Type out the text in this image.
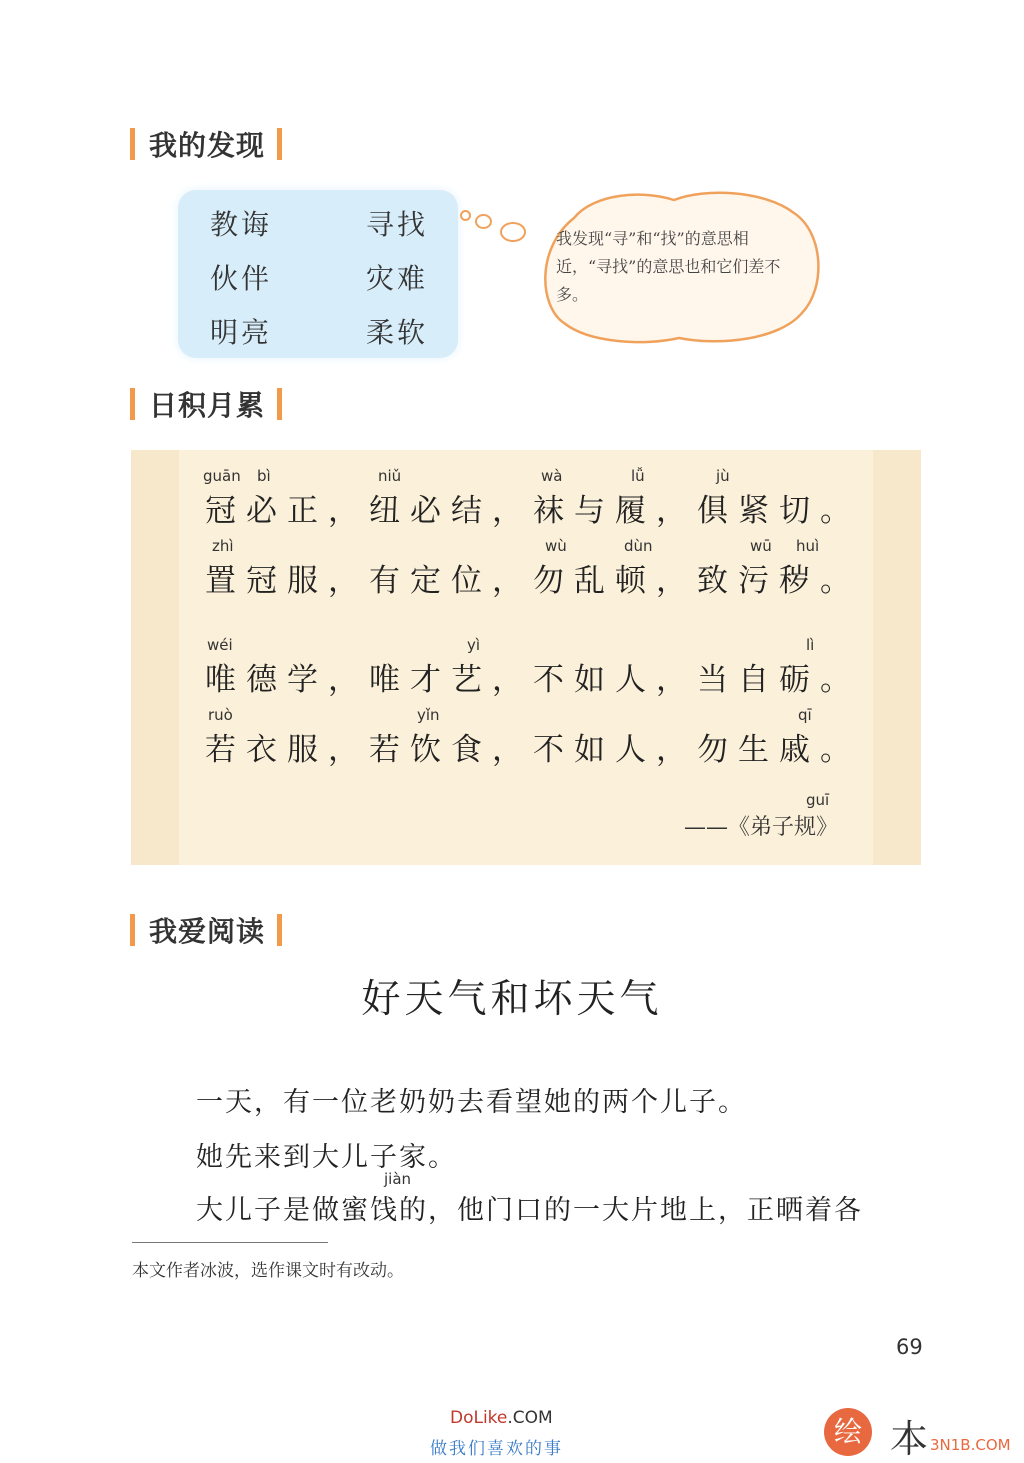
我的发现
教诲	寻找
伙伴	灾难
明亮	柔软
我发现“寻”和“找”的意思相近，“寻找”的意思也和它们差不多。
日积月累
guān bì	niǔ	wà	lǚ	jù
冠必正，纽必结，袜与履，俱紧切。
zhì	wù	dùn	wū huì
置冠服，有定位，勿乱顿，致污秽。
wéi	yì	lì
唯德学，唯才艺，不如人，当自砺。
ruò	yǐn	qī
若衣服，若饮食，不如人，勿生戚。
guī
——《弟子规》
我爱阅读
好天气和坏天气
一天，有一位老奶奶去看望她的两个儿子。
她先来到大儿子家。
jiàn
大儿子是做蜜饯的，他门口的一大片地上，正晒着各
本文作者冰波，选作课文时有改动。
69
DoLike.COM
做我们喜欢的事
绘 本 3N1B.COM
